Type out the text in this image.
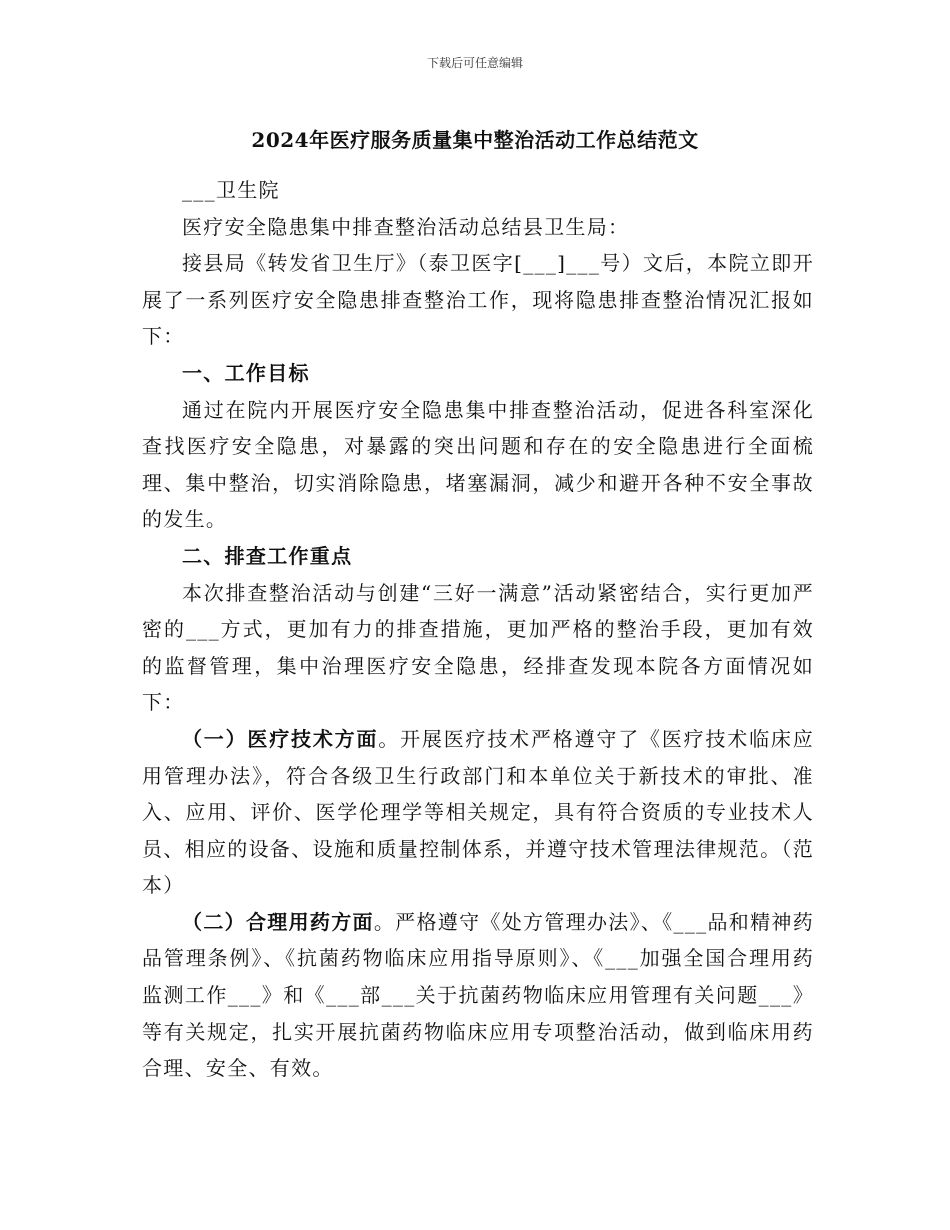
下载后可任意编辑
2024年医疗服务质量集中整治活动工作总结范文

___卫生院

医疗安全隐患集中排查整治活动总结县卫生局：

接县局《转发省卫生厅》（泰卫医字[___]___号）文后，本院立即开展了一系列医疗安全隐患排查整治工作，现将隐患排查整治情况汇报如下：

一、工作目标

通过在院内开展医疗安全隐患集中排查整治活动，促进各科室深化查找医疗安全隐患，对暴露的突出问题和存在的安全隐患进行全面梳理、集中整治，切实消除隐患，堵塞漏洞，减少和避开各种不安全事故的发生。

二、排查工作重点

本次排查整治活动与创建“三好一满意”活动紧密结合，实行更加严密的___方式，更加有力的排查措施，更加严格的整治手段，更加有效的监督管理，集中治理医疗安全隐患，经排查发现本院各方面情况如下：

（一）医疗技术方面。开展医疗技术严格遵守了《医疗技术临床应用管理办法》，符合各级卫生行政部门和本单位关于新技术的审批、准入、应用、评价、医学伦理学等相关规定，具有符合资质的专业技术人员、相应的设备、设施和质量控制体系，并遵守技术管理法律规范。（范本）

（二）合理用药方面。严格遵守《处方管理办法》、《___品和精神药品管理条例》、《抗菌药物临床应用指导原则》、《___加强全国合理用药监测工作___》和《___部___关于抗菌药物临床应用管理有关问题___》等有关规定，扎实开展抗菌药物临床应用专项整治活动，做到临床用药合理、安全、有效。
